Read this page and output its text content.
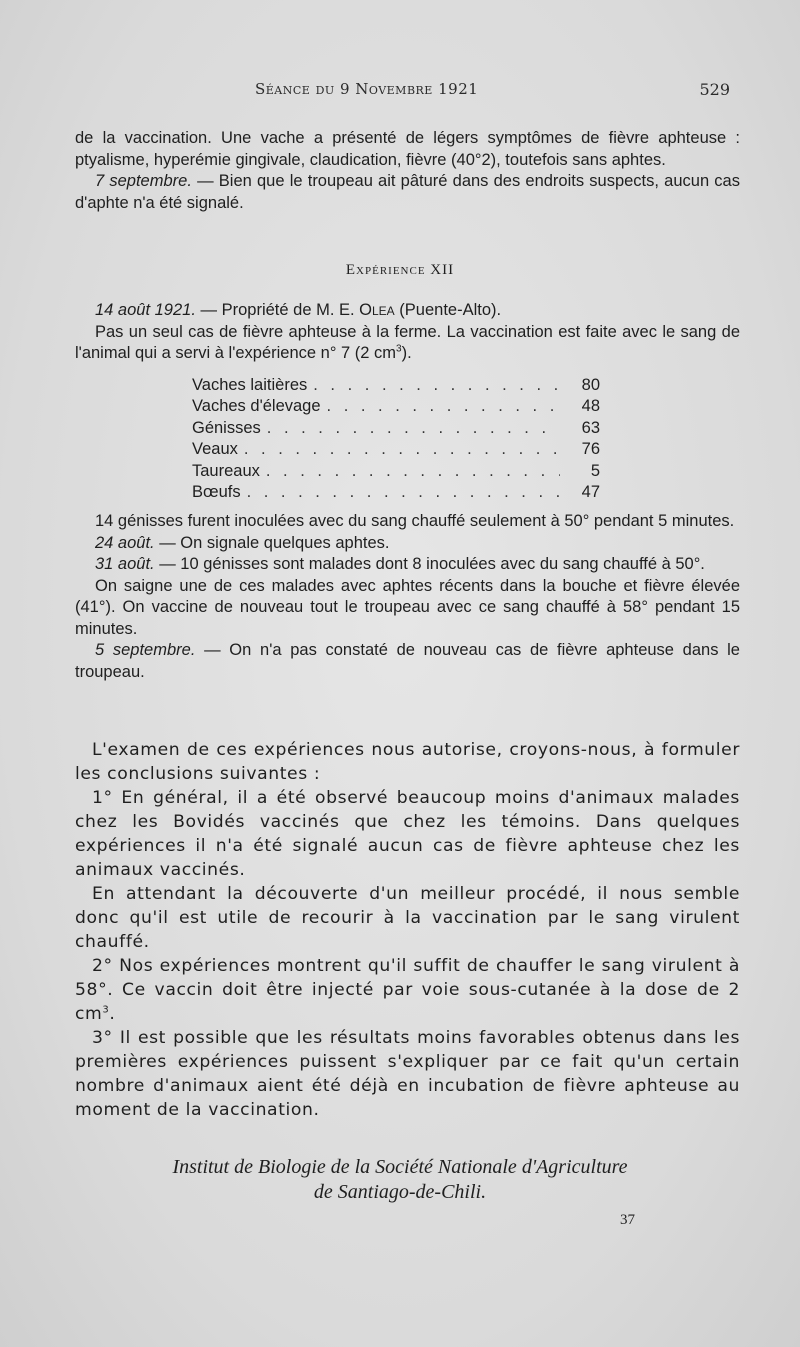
Séance du 9 Novembre 1921	529

de la vaccination. Une vache a présenté de légers symptômes de fièvre aphteuse : ptyalisme, hyperémie gingivale, claudication, fièvre (40°2), toutefois sans aphtes.

7 septembre. — Bien que le troupeau ait pâturé dans des endroits suspects, aucun cas d'aphte n'a été signalé.

Expérience XII

14 août 1921. — Propriété de M. E. Olea (Puente-Alto).

Pas un seul cas de fièvre aphteuse à la ferme. La vaccination est faite avec le sang de l'animal qui a servi à l'expérience n° 7 (2 $cm^3$).

Vaches laitières . . .	80
Vaches d'élevage . . .	48
Génisses . . .	63
Veaux . . .	76
Taureaux . . .	5
Bœufs . . .	47

14 génisses furent inoculées avec du sang chauffé seulement à 50° pendant 5 minutes.

24 août. — On signale quelques aphtes.

31 août. — 10 génisses sont malades dont 8 inoculées avec du sang chauffé à 50°.

On saigne une de ces malades avec aphtes récents dans la bouche et fièvre élevée (41°). On vaccine de nouveau tout le troupeau avec ce sang chauffé à 58° pendant 15 minutes.

5 septembre. — On n'a pas constaté de nouveau cas de fièvre aphteuse dans le troupeau.

L'examen de ces expériences nous autorise, croyons-nous, à formuler les conclusions suivantes :

1° En général, il a été observé beaucoup moins d'animaux malades chez les Bovidés vaccinés que chez les témoins. Dans quelques expériences il n'a été signalé aucun cas de fièvre aphteuse chez les animaux vaccinés.

En attendant la découverte d'un meilleur procédé, il nous semble donc qu'il est utile de recourir à la vaccination par le sang virulent chauffé.

2° Nos expériences montrent qu'il suffit de chauffer le sang virulent à 58°. Ce vaccin doit être injecté par voie sous-cutanée à la dose de 2 $cm^3$.

3° Il est possible que les résultats moins favorables obtenus dans les premières expériences puissent s'expliquer par ce fait qu'un certain nombre d'animaux aient été déjà en incubation de fièvre aphteuse au moment de la vaccination.

Institut de Biologie de la Société Nationale d'Agriculture
de Santiago-de-Chili.
37
